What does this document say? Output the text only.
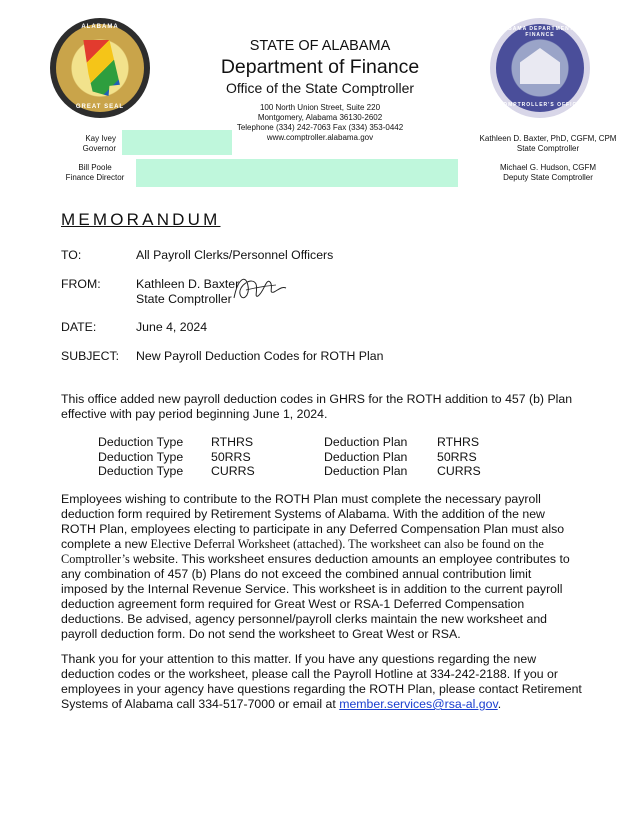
ALABAMA
GREAT SEAL
ALABAMA DEPARTMENT OF FINANCE
COMPTROLLER'S OFFICE
STATE OF ALABAMA
Department of Finance
Office of the State Comptroller
100 North Union Street, Suite 220
Montgomery, Alabama 36130-2602
Telephone (334) 242-7063 Fax (334) 353-0442
www.comptroller.alabama.gov
Kay Ivey
Governor
Bill Poole
Finance Director
Kathleen D. Baxter, PhD, CGFM, CPM
State Comptroller
Michael G. Hudson, CGFM
Deputy State Comptroller
MEMORANDUM
TO:	All Payroll Clerks/Personnel Officers
FROM:	Kathleen D. Baxter
State Comptroller
DATE:	June 4, 2024
SUBJECT: New Payroll Deduction Codes for ROTH Plan
This office added new payroll deduction codes in GHRS for the ROTH addition to 457 (b) Plan effective with pay period beginning June 1, 2024.
Deduction Type	RTHRS	Deduction Plan	RTHRS
Deduction Type	50RRS	Deduction Plan	50RRS
Deduction Type	CURRS	Deduction Plan	CURRS
Employees wishing to contribute to the ROTH Plan must complete the necessary payroll deduction form required by Retirement Systems of Alabama. With the addition of the new ROTH Plan, employees electing to participate in any Deferred Compensation Plan must also complete a new Elective Deferral Worksheet (attached). The worksheet can also be found on the Comptroller’s website. This worksheet ensures deduction amounts an employee contributes to any combination of 457 (b) Plans do not exceed the combined annual contribution limit imposed by the Internal Revenue Service. This worksheet is in addition to the current payroll deduction agreement form required for Great West or RSA-1 Deferred Compensation deductions. Be advised, agency personnel/payroll clerks maintain the new worksheet and payroll deduction form. Do not send the worksheet to Great West or RSA.
Thank you for your attention to this matter. If you have any questions regarding the new deduction codes or the worksheet, please call the Payroll Hotline at 334-242-2188. If you or employees in your agency have questions regarding the ROTH Plan, please contact Retirement Systems of Alabama call 334-517-7000 or email at member.services@rsa-al.gov.
